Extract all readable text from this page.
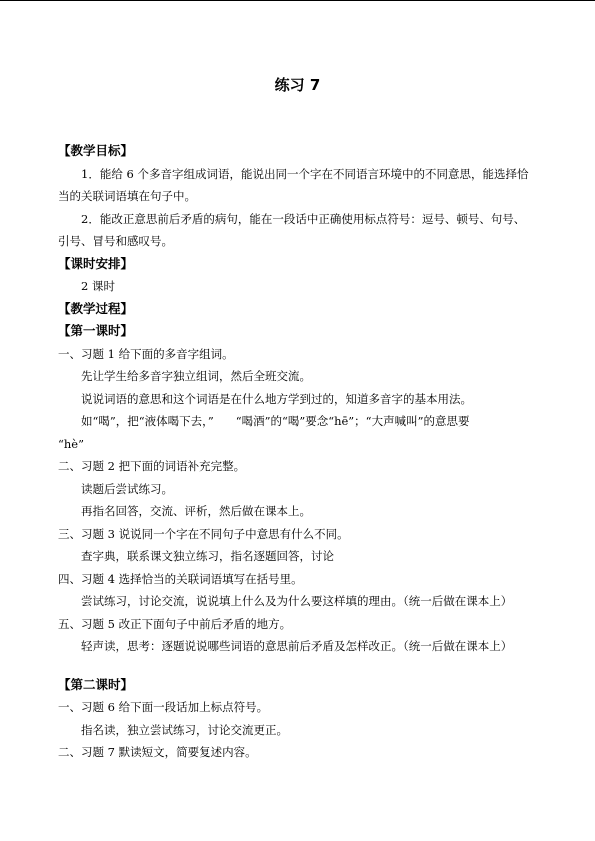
练习 7
【教学目标】
1．能给 6 个多音字组成词语，能说出同一个字在不同语言环境中的不同意思，能选择恰
当的关联词语填在句子中。
2．能改正意思前后矛盾的病句，能在一段话中正确使用标点符号：逗号、顿号、句号、
引号、冒号和感叹号。
【课时安排】
2 课时
【教学过程】
【第一课时】
一、习题 1 给下面的多音字组词。
先让学生给多音字独立组词，然后全班交流。
说说词语的意思和这个词语是在什么地方学到过的，知道多音字的基本用法。
如“喝”，把“液体喝下去，”      “喝酒”的“喝”要念“hē”；“大声喊叫”的意思要
“hè”
二、习题 2 把下面的词语补充完整。
读题后尝试练习。
再指名回答，交流、评析，然后做在课本上。
三、习题 3 说说同一个字在不同句子中意思有什么不同。
查字典，联系课文独立练习，指名逐题回答，讨论
四、习题 4 选择恰当的关联词语填写在括号里。
尝试练习，讨论交流，说说填上什么及为什么要这样填的理由。（统一后做在课本上）
五、习题 5 改正下面句子中前后矛盾的地方。
轻声读，思考：逐题说说哪些词语的意思前后矛盾及怎样改正。（统一后做在课本上）
【第二课时】
一、习题 6 给下面一段话加上标点符号。
指名读，独立尝试练习，讨论交流更正。
二、习题 7 默读短文，简要复述内容。
